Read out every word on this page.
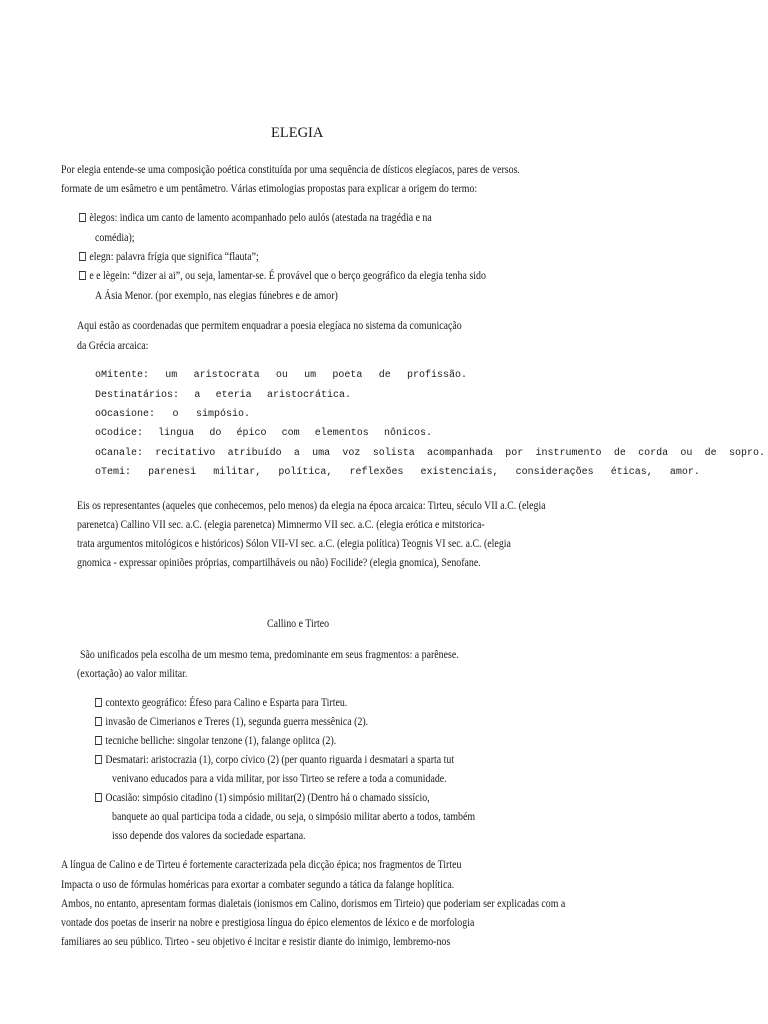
ELEGIA
Por elegia entende-se uma composição poética constituída por uma sequência de dísticos elegíacos, pares de versos.
formate de um esâmetro e um pentâmetro. Várias etimologias propostas para explicar a origem do termo:
èlegos: indica um canto de lamento acompanhado pelo aulós (atestada na tragédia e na
comédia);
elegn: palavra frígia que significa “flauta”;
e e lègein: “dizer ai ai”, ou seja, lamentar-se. É provável que o berço geográfico da elegia tenha sido
A Ásia Menor. (por exemplo, nas elegias fúnebres e de amor)
Aqui estão as coordenadas que permitem enquadrar a poesia elegíaca no sistema da comunicação
da Grécia arcaica:
oMitente: um aristocrata ou um poeta de profissão.
Destinatários: a eteria aristocrática.
oOcasione: o simpósio.
oCodice: lingua do épico com elementos nônicos.
oCanale: recitativo atribuído a uma voz solista acompanhada por instrumento de corda ou de sopro.
oTemi: parenesi militar, política, reflexões existenciais, considerações éticas, amor.
Eis os representantes (aqueles que conhecemos, pelo menos) da elegia na época arcaica: Tirteu, século VII a.C. (elegia
parenetca) Callino VII sec. a.C. (elegia parenetca) Mimnermo VII sec. a.C. (elegia erótica e mitstorica-
trata argumentos mitológicos e históricos) Sólon VII-VI sec. a.C. (elegia política) Teognis VI sec. a.C. (elegia
gnomica - expressar opiniões próprias, compartilháveis ou não) Focilide? (elegia gnomica), Senofane.
Callino e Tirteo
São unificados pela escolha de um mesmo tema, predominante em seus fragmentos: a parênese.
(exortação) ao valor militar.
contexto geográfico: Éfeso para Calino e Esparta para Tirteu.
invasão de Cimerianos e Treres (1), segunda guerra messênica (2).
tecniche belliche: singolar tenzone (1), falange oplitca (2).
Desmatari: aristocrazia (1), corpo cívico (2) (per quanto riguarda i desmatari a sparta tut
venivano educados para a vida militar, por isso Tirteo se refere a toda a comunidade.
Ocasião: simpósio citadino (1) simpósio militar(2) (Dentro há o chamado sissício,
banquete ao qual participa toda a cidade, ou seja, o simpósio militar aberto a todos, também
isso depende dos valores da sociedade espartana.
A língua de Calino e de Tirteu é fortemente caracterizada pela dicção épica; nos fragmentos de Tirteu
Impacta o uso de fórmulas homéricas para exortar a combater segundo a tática da falange hoplítica.
Ambos, no entanto, apresentam formas dialetais (ionismos em Calino, dorismos em Tirteio) que poderiam ser explicadas com a
vontade dos poetas de inserir na nobre e prestigiosa língua do épico elementos de léxico e de morfologia
familiares ao seu público. Tirteo - seu objetivo é incitar e resistir diante do inimigo, lembremo-nos
